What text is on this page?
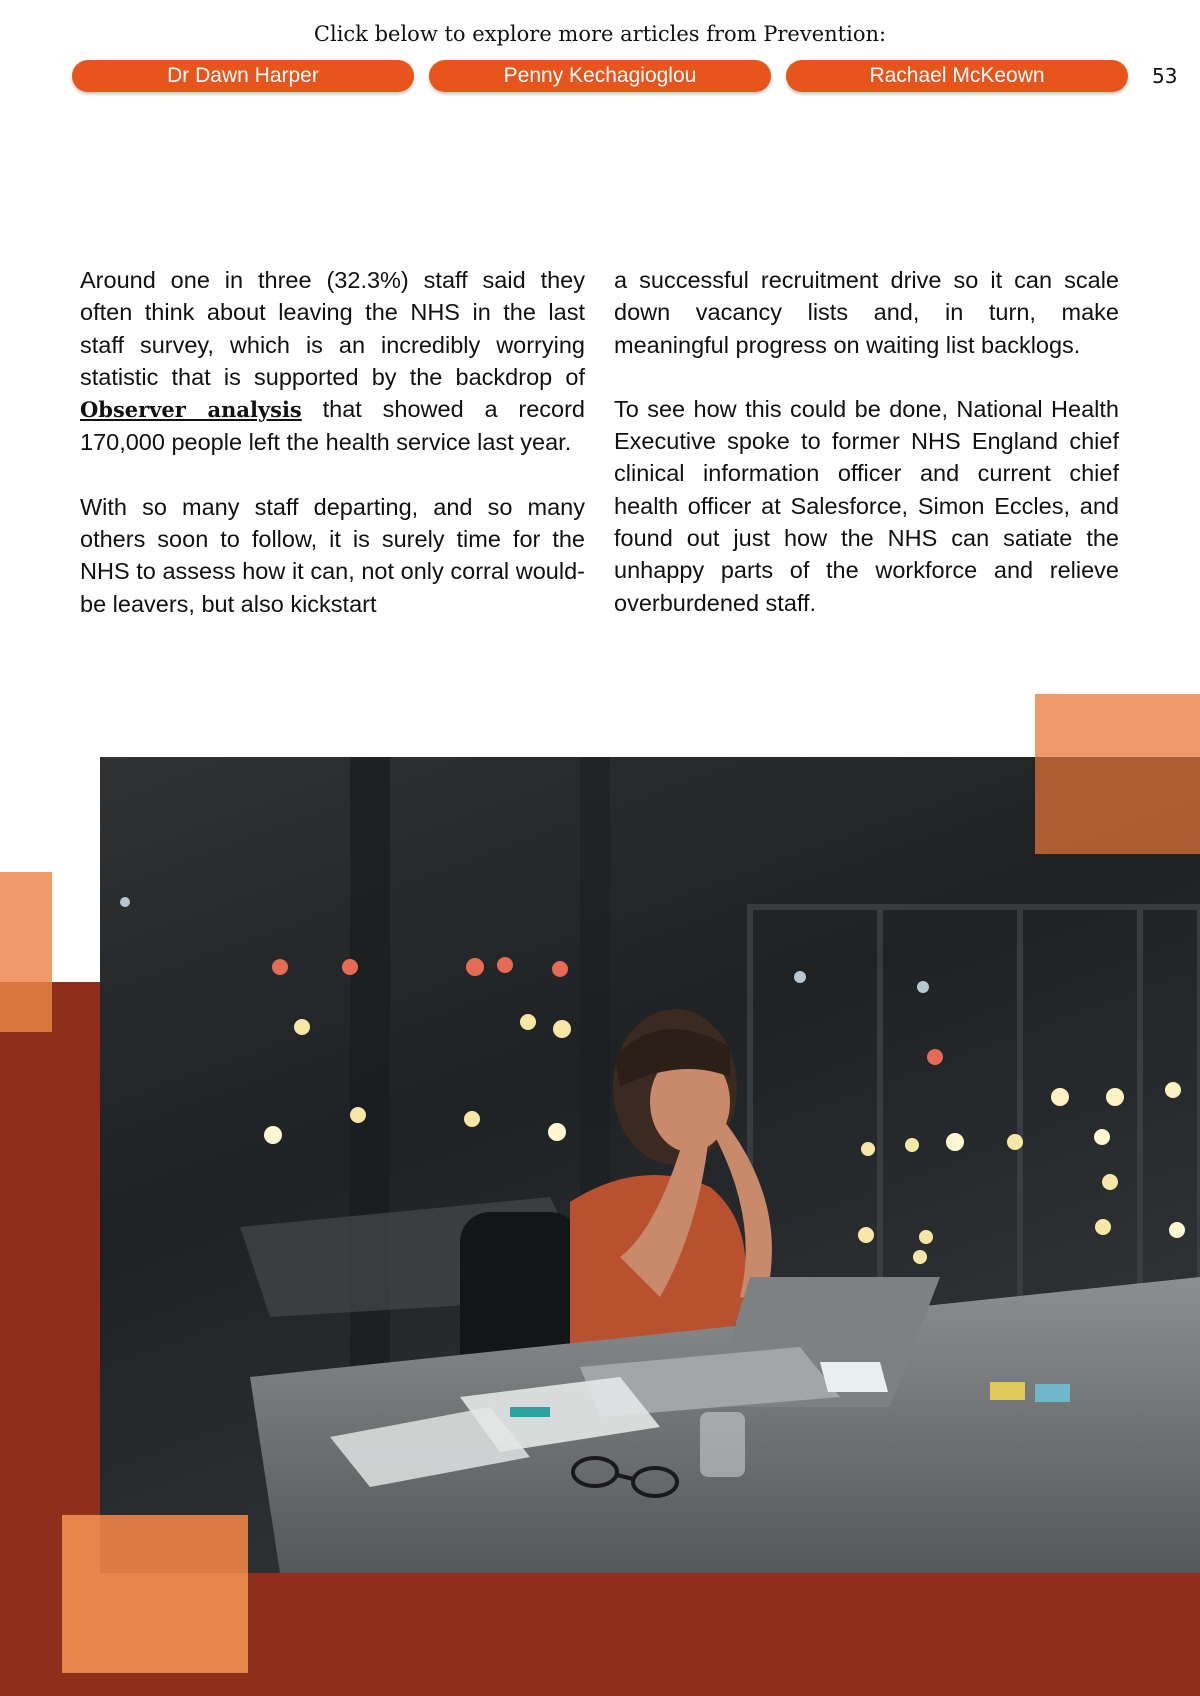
Click below to explore more articles from Prevention:
Dr Dawn Harper	Penny Kechagioglou	Rachael McKeown	53

Around one in three (32.3%) staff said they often think about leaving the NHS in the last staff survey, which is an incredibly worrying statistic that is supported by the backdrop of Observer analysis that showed a record 170,000 people left the health service last year.

With so many staff departing, and so many others soon to follow, it is surely time for the NHS to assess how it can, not only corral would-be leavers, but also kickstart

a successful recruitment drive so it can scale down vacancy lists and, in turn, make meaningful progress on waiting list backlogs.

To see how this could be done, National Health Executive spoke to former NHS England chief clinical information officer and current chief health officer at Salesforce, Simon Eccles, and found out just how the NHS can satiate the unhappy parts of the workforce and relieve overburdened staff.
